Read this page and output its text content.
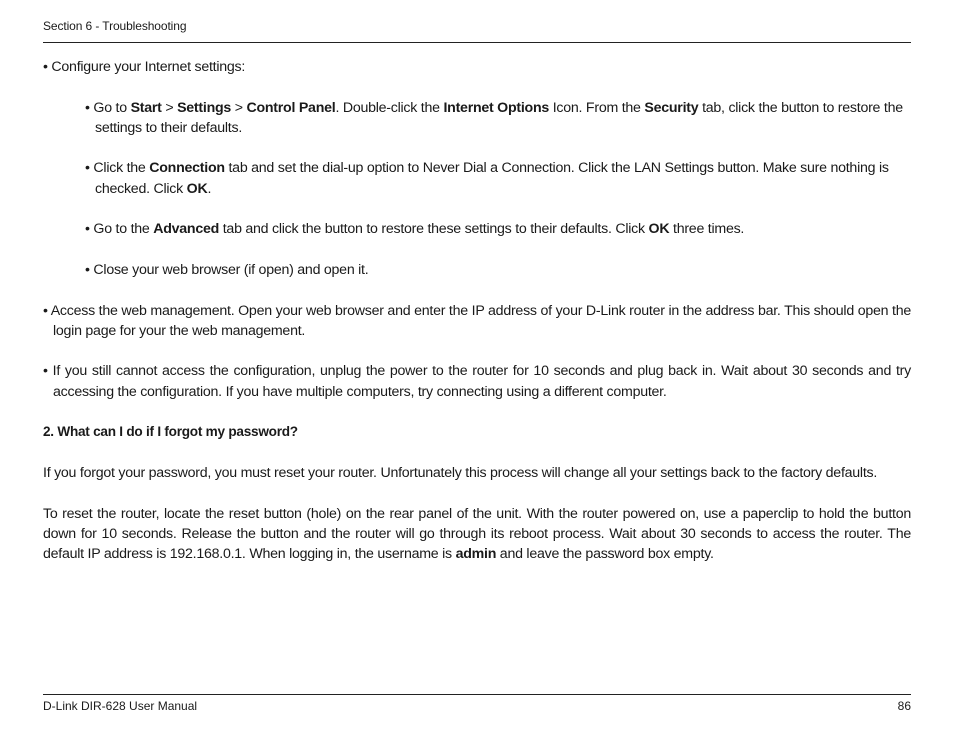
Section 6 - Troubleshooting

• Configure your Internet settings:

• Go to Start > Settings > Control Panel. Double-click the Internet Options Icon. From the Security tab, click the button to restore the settings to their defaults.

• Click the Connection tab and set the dial-up option to Never Dial a Connection. Click the LAN Settings button. Make sure nothing is checked. Click OK.

• Go to the Advanced tab and click the button to restore these settings to their defaults. Click OK three times.

• Close your web browser (if open) and open it.

• Access the web management. Open your web browser and enter the IP address of your D-Link router in the address bar. This should open the login page for your the web management.

• If you still cannot access the configuration, unplug the power to the router for 10 seconds and plug back in. Wait about 30 seconds and try accessing the configuration. If you have multiple computers, try connecting using a different computer.

2. What can I do if I forgot my password?

If you forgot your password, you must reset your router. Unfortunately this process will change all your settings back to the factory defaults.

To reset the router, locate the reset button (hole) on the rear panel of the unit. With the router powered on, use a paperclip to hold the button down for 10 seconds. Release the button and the router will go through its reboot process. Wait about 30 seconds to access the router. The default IP address is 192.168.0.1. When logging in, the username is admin and leave the password box empty.

D-Link DIR-628 User Manual	86
